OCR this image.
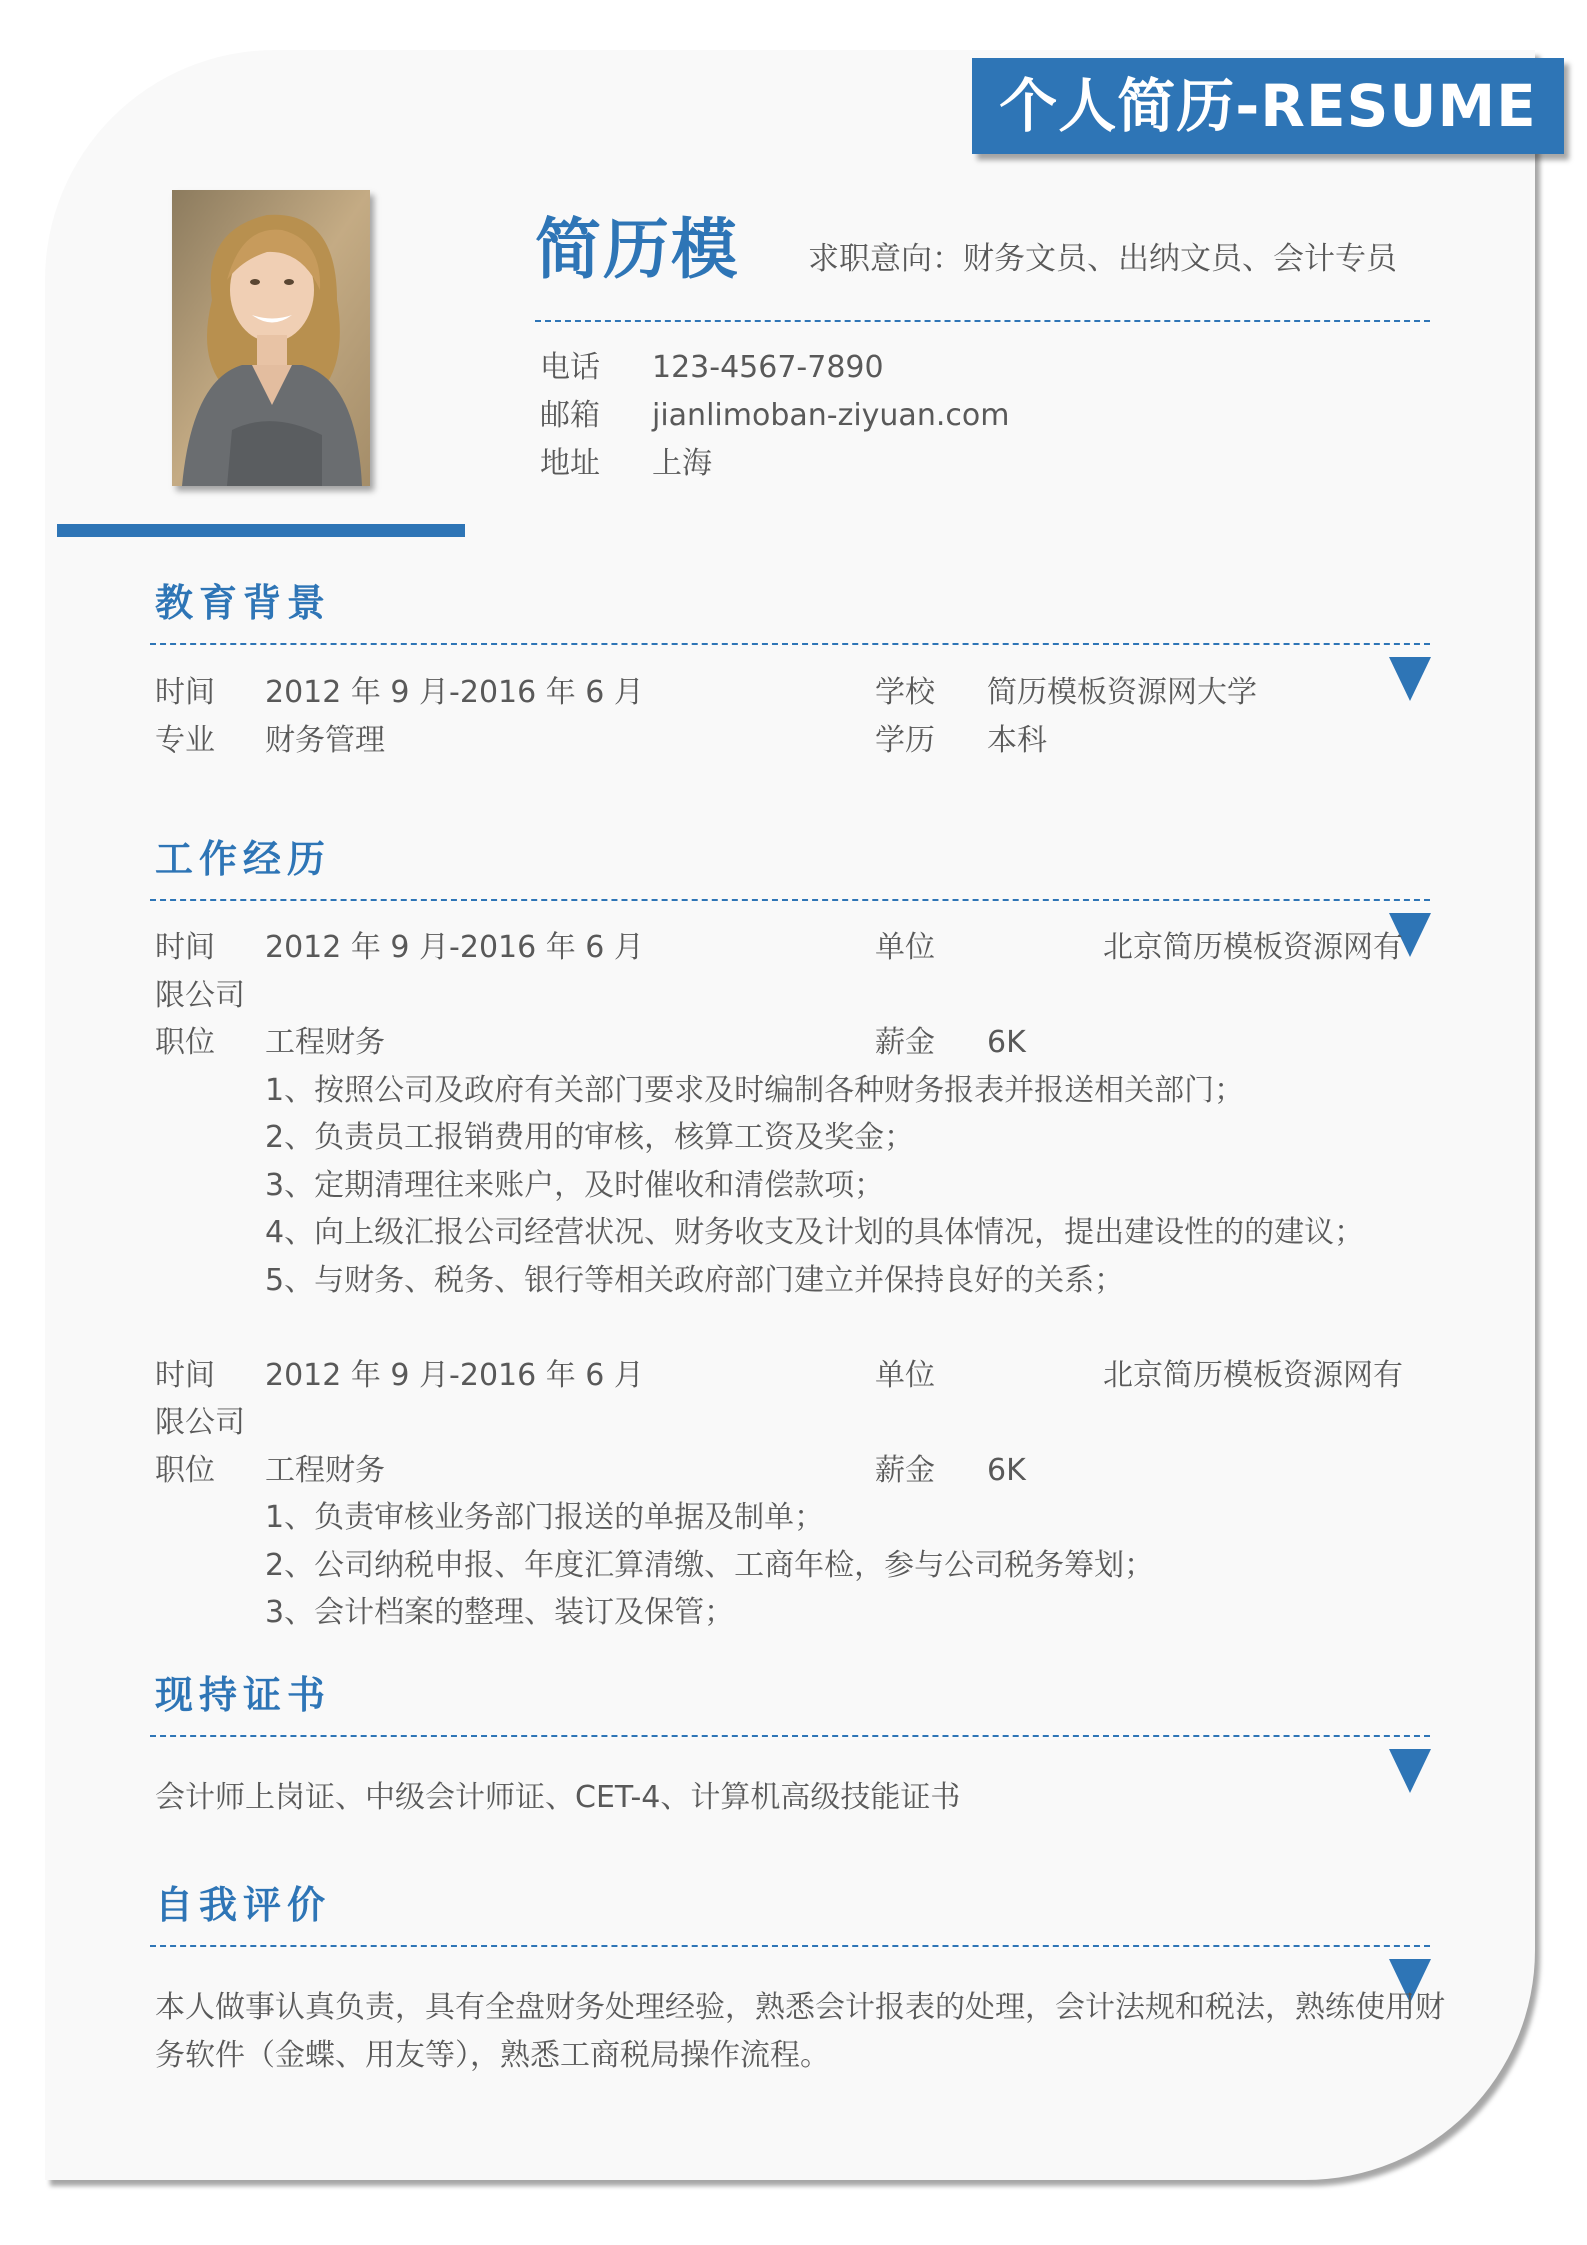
个人简历-RESUME
简历模 求职意向：财务文员、出纳文员、会计专员
电话	123-4567-7890
邮箱	jianlimoban-ziyuan.com
地址	上海
教育背景
时间 2012 年 9 月-2016 年 6 月	学校 简历模板资源网大学
专业 财务管理	学历 本科
工作经历
时间 2012 年 9 月-2016 年 6 月	单位	北京简历模板资源网有
限公司
职位 工程财务	薪金 6K
1、按照公司及政府有关部门要求及时编制各种财务报表并报送相关部门；
2、负责员工报销费用的审核，核算工资及奖金；
3、定期清理往来账户，及时催收和清偿款项；
4、向上级汇报公司经营状况、财务收支及计划的具体情况，提出建设性的的建议；
5、与财务、税务、银行等相关政府部门建立并保持良好的关系；
时间 2012 年 9 月-2016 年 6 月	单位	北京简历模板资源网有
限公司
职位 工程财务	薪金 6K
1、负责审核业务部门报送的单据及制单；
2、公司纳税申报、年度汇算清缴、工商年检，参与公司税务筹划；
3、会计档案的整理、装订及保管；
现持证书
会计师上岗证、中级会计师证、CET-4、计算机高级技能证书
自我评价
本人做事认真负责，具有全盘财务处理经验，熟悉会计报表的处理，会计法规和税法，熟练使用财
务软件（金蝶、用友等），熟悉工商税局操作流程。
